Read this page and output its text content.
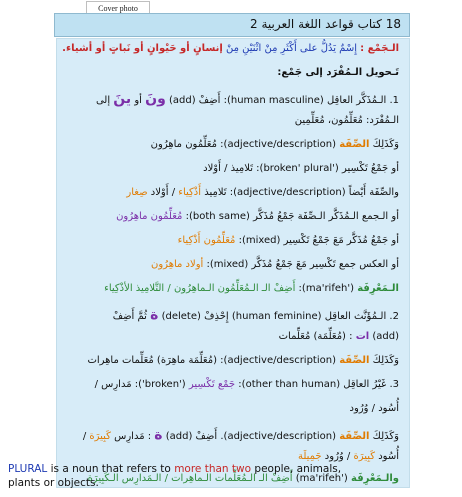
Cover photo
18 كتاب قواعد اللغة العربية 2
الـجَمْع : إِسْمٌ يَدُلُّ على أَكْثَرِ مِنْ اثْنَيْنِ مِنْ إنسانٍ أو حَيْوانٍ أو نَباتٍ أو أشياء.
تَـحويل الـمُفْرَد إلى جَمْع:
1. الـمُذَكَّر العاقِل (human masculine): أَضِفْ (add) ونَ أو ينَ إلى
الـمُفْرَد: مُعَلِّمُون، مُعَلِّمِين
وَكَذَلِكَ الصِّفَة (adjective/description): مُعَلِّمُون ماهِرُون
أو جَمْعُ تَكْسِير ('broken' plural): تَلامِيذ / أَوْلاد
والصِّفَة أَيْضاً (adjective/description): تَلامِيذ أَذْكِياء / أَوْلاد صِغار
أو الـجمع الـمُذَكَّر الـصِّفَة جَمْعُ مُذَكَّر (both same): مُعَلِّمُون ماهِرُون
أو جَمْعُ مُذَكَّر مَعَ جَمْعُ تَكْسِير (mixed): مُعَلِّمُون أَذْكِياء
أو العكس جمع تَكْسِير مَعَ جَمْعُ مُذَكَّر (mixed): أولاد ماهِرُون
الـمَعْرِفَة ('ma'rifeh): أَضِفْ الـ الـمُعَلِّمُون الـماهِرُون / التَّلامِيذ الأذْكِياء
2. الـمُؤَنَّث العاقِل (human feminine) إِحْذِفْ (delete) ة ثُمَّ أَضِفْ
(add) ات : (مُعَلِّمَة) مُعَلِّمات
وَكَذَلِكَ الصِّفَة (adjective/description): (مُعَلِّمَة ماهِرَة) مُعَلِّمات ماهِرات
3. غَيْرُ العاقِل (other than human): جَمْع تَكْسِير ('broken'): مَدارِس /
أُسُود / وُرُود
وَكَذَلِكَ الصِّفَة (adjective/description). أَضِفْ (add) ة : مَدارِس كَبِيرَة /
أُسُود كَبِيرَة / وُرُود جَمِيلَة
والـمَعْرِفَة ('ma'rifeh) أَضِفْ الـ الـمُعَلِّمات الـماهِرات / الـمَدارِس الـكَبِيرَة
PLURAL is a noun that refers to more than two people, animals,
plants or objects.
